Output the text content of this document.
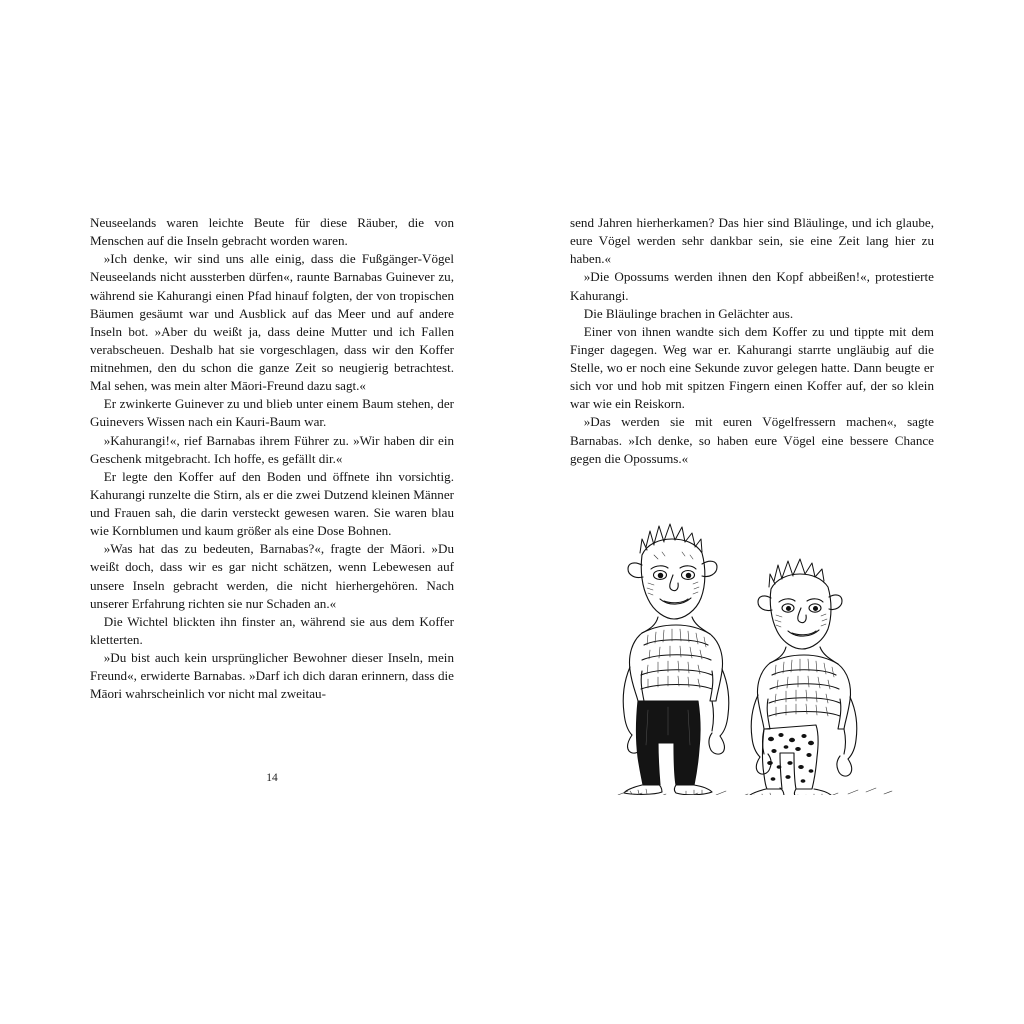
Neuseelands waren leichte Beute für diese Räuber, die von Menschen auf die Inseln gebracht worden waren.

»Ich denke, wir sind uns alle einig, dass die Fußgänger-Vögel Neuseelands nicht aussterben dürfen«, raunte Barnabas Guinever zu, während sie Kahurangi einen Pfad hinauf folgten, der von tropischen Bäumen gesäumt war und Ausblick auf das Meer und auf andere Inseln bot. »Aber du weißt ja, dass deine Mutter und ich Fallen verabscheuen. Deshalb hat sie vorgeschlagen, dass wir den Koffer mitnehmen, den du schon die ganze Zeit so neugierig betrachtest. Mal sehen, was mein alter Māori-Freund dazu sagt.«

Er zwinkerte Guinever zu und blieb unter einem Baum stehen, der Guinevers Wissen nach ein Kauri-Baum war.

»Kahurangi!«, rief Barnabas ihrem Führer zu. »Wir haben dir ein Geschenk mitgebracht. Ich hoffe, es gefällt dir.«

Er legte den Koffer auf den Boden und öffnete ihn vorsichtig. Kahurangi runzelte die Stirn, als er die zwei Dutzend kleinen Männer und Frauen sah, die darin versteckt gewesen waren. Sie waren blau wie Kornblumen und kaum größer als eine Dose Bohnen.

»Was hat das zu bedeuten, Barnabas?«, fragte der Māori. »Du weißt doch, dass wir es gar nicht schätzen, wenn Lebewesen auf unsere Inseln gebracht werden, die nicht hierhergehören. Nach unserer Erfahrung richten sie nur Schaden an.«

Die Wichtel blickten ihn finster an, während sie aus dem Koffer kletterten.

»Du bist auch kein ursprünglicher Bewohner dieser Inseln, mein Freund«, erwiderte Barnabas. »Darf ich dich daran erinnern, dass die Māori wahrscheinlich vor nicht mal zweitau-

14

send Jahren hierherkamen? Das hier sind Bläulinge, und ich glaube, eure Vögel werden sehr dankbar sein, sie eine Zeit lang hier zu haben.«

»Die Opossums werden ihnen den Kopf abbeißen!«, protestierte Kahurangi.

Die Bläulinge brachen in Gelächter aus.

Einer von ihnen wandte sich dem Koffer zu und tippte mit dem Finger dagegen. Weg war er. Kahurangi starrte ungläubig auf die Stelle, wo er noch eine Sekunde zuvor gelegen hatte. Dann beugte er sich vor und hob mit spitzen Fingern einen Koffer auf, der so klein war wie ein Reiskorn.

»Das werden sie mit euren Vögelfressern machen«, sagte Barnabas. »Ich denke, so haben eure Vögel eine bessere Chance gegen die Opossums.«
